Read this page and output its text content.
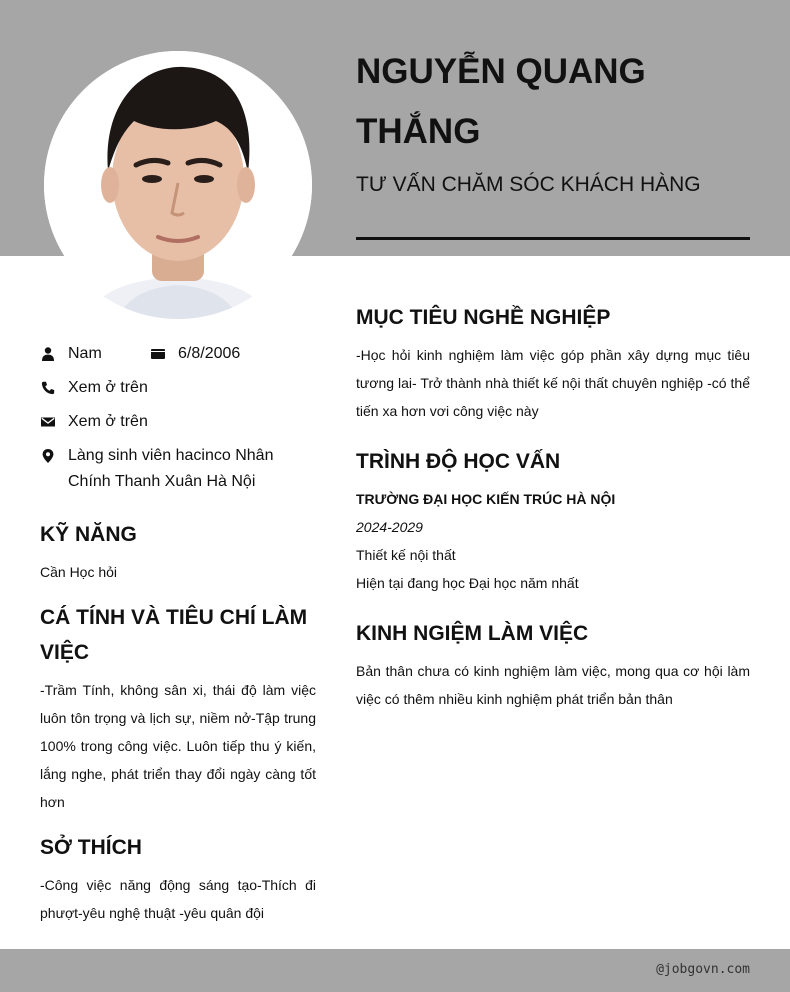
NGUYỄN QUANG THẮNG
TƯ VẤN CHĂM SÓC KHÁCH HÀNG
Nam	6/8/2006
Xem ở trên
Xem ở trên
Làng sinh viên hacinco Nhân Chính Thanh Xuân Hà Nội
KỸ NĂNG
Cần Học hỏi
CÁ TÍNH VÀ TIÊU CHÍ LÀM VIỆC
-Trầm Tính, không sân xi, thái độ làm việc luôn tôn trọng và lịch sự, niềm nở-Tập trung 100% trong công việc. Luôn tiếp thu ý kiến, lắng nghe, phát triển thay đổi ngày càng tốt hơn
SỞ THÍCH
-Công việc năng động sáng tạo-Thích đi phượt-yêu nghệ thuật -yêu quân đội
MỤC TIÊU NGHỀ NGHIỆP
-Học hỏi kinh nghiệm làm việc góp phần xây dựng mục tiêu tương lai- Trở thành nhà thiết kế nội thất chuyên nghiệp -có thể tiến xa hơn vơi công việc này
TRÌNH ĐỘ HỌC VẤN
TRƯỜNG ĐẠI HỌC KIẾN TRÚC HÀ NỘI
2024-2029
Thiết kế nội thất
Hiện tại đang học Đại học năm nhất
KINH NGIỆM LÀM VIỆC
Bản thân chưa có kinh nghiệm làm việc, mong qua cơ hội làm việc có thêm nhiều kinh nghiệm phát triển bản thân
@jobgovn.com
